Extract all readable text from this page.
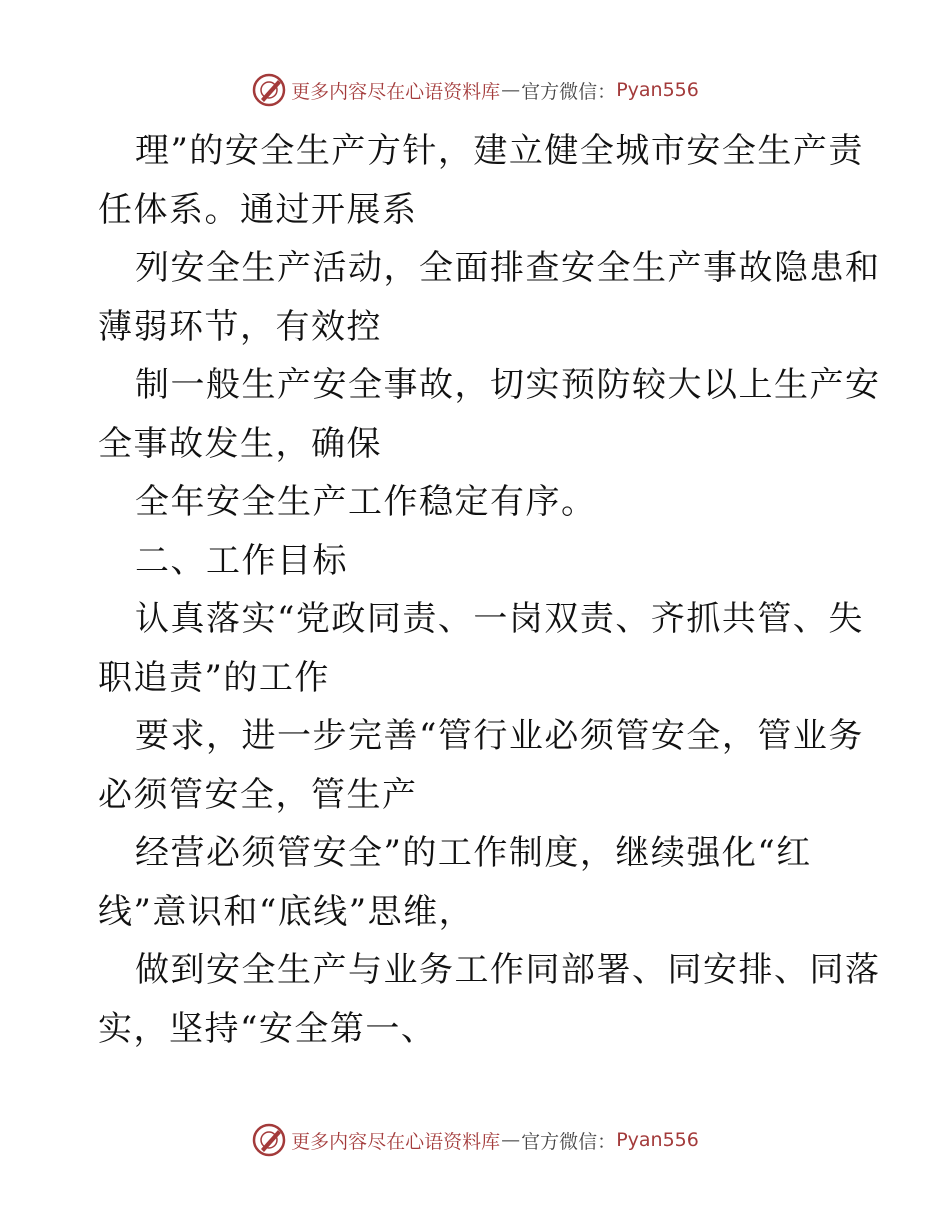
更多内容尽在心语资料库 — 官方微信： Pyan556
理”的安全生产方针，建立健全城市安全生产责
任体系。通过开展系
列安全生产活动，全面排查安全生产事故隐患和
薄弱环节，有效控
制一般生产安全事故，切实预防较大以上生产安
全事故发生，确保
全年安全生产工作稳定有序。
二、工作目标
认真落实“党政同责、一岗双责、齐抓共管、失
职追责”的工作
要求，进一步完善“管行业必须管安全，管业务
必须管安全，管生产
经营必须管安全”的工作制度，继续强化“红
线”意识和“底线”思维，
做到安全生产与业务工作同部署、同安排、同落
实，坚持“安全第一、
更多内容尽在心语资料库 — 官方微信： Pyan556
